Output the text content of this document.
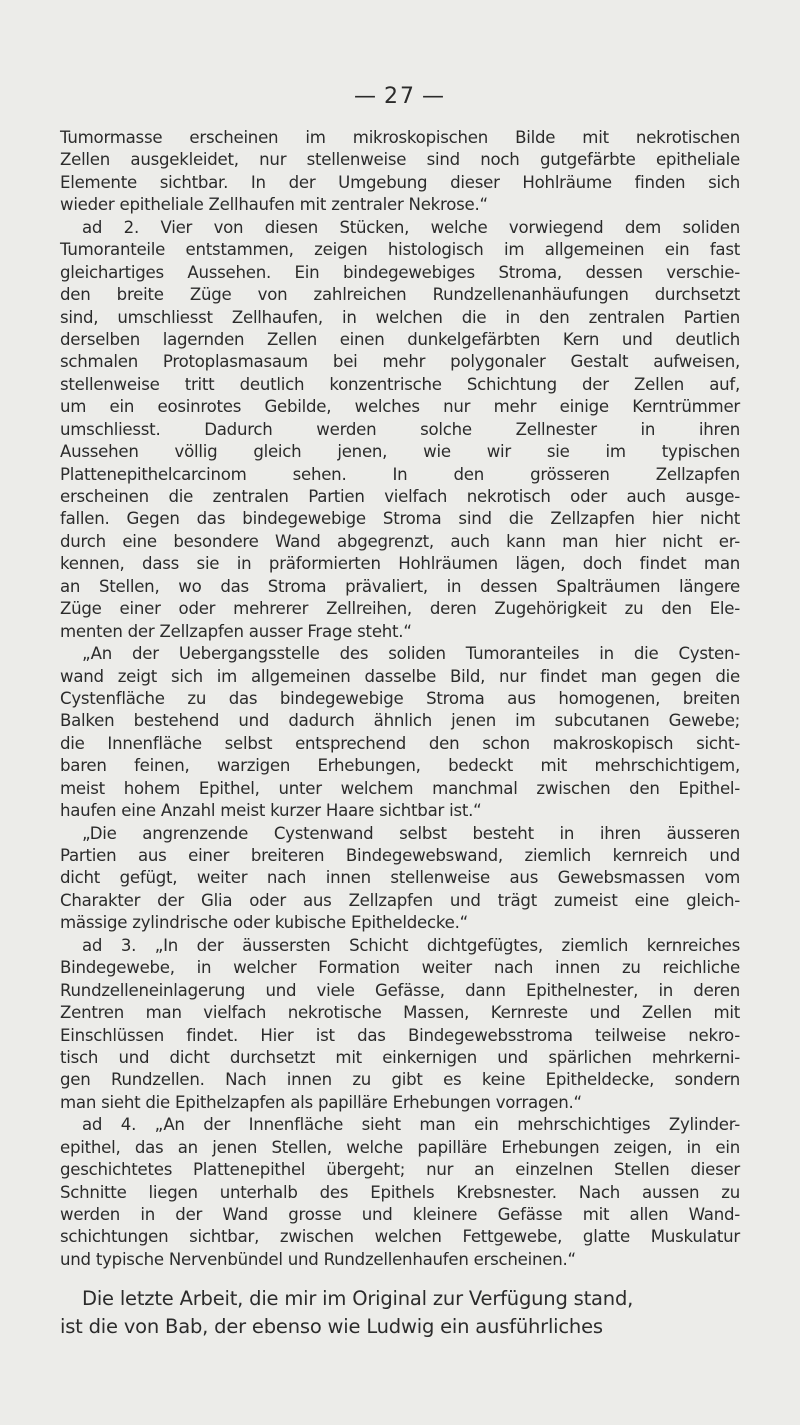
— 27 —
Tumormasse erscheinen im mikroskopischen Bilde mit nekrotischen
Zellen ausgekleidet, nur stellenweise sind noch gutgefärbte epitheliale
Elemente sichtbar. In der Umgebung dieser Hohlräume finden sich
wieder epitheliale Zellhaufen mit zentraler Nekrose.“
ad 2. Vier von diesen Stücken, welche vorwiegend dem soliden
Tumoranteile entstammen, zeigen histologisch im allgemeinen ein fast
gleichartiges Aussehen. Ein bindegewebiges Stroma, dessen verschie-
den breite Züge von zahlreichen Rundzellenanhäufungen durchsetzt
sind, umschliesst Zellhaufen, in welchen die in den zentralen Partien
derselben lagernden Zellen einen dunkelgefärbten Kern und deutlich
schmalen Protoplasmasaum bei mehr polygonaler Gestalt aufweisen,
stellenweise tritt deutlich konzentrische Schichtung der Zellen auf,
um ein eosinrotes Gebilde, welches nur mehr einige Kerntrümmer
umschliesst. Dadurch werden solche Zellnester in ihren
Aussehen völlig gleich jenen, wie wir sie im typischen
Plattenepithelcarcinom sehen. In den grösseren Zellzapfen
erscheinen die zentralen Partien vielfach nekrotisch oder auch ausge-
fallen. Gegen das bindegewebige Stroma sind die Zellzapfen hier nicht
durch eine besondere Wand abgegrenzt, auch kann man hier nicht er-
kennen, dass sie in präformierten Hohlräumen lägen, doch findet man
an Stellen, wo das Stroma prävaliert, in dessen Spalträumen längere
Züge einer oder mehrerer Zellreihen, deren Zugehörigkeit zu den Ele-
menten der Zellzapfen ausser Frage steht.“
„An der Uebergangsstelle des soliden Tumoranteiles in die Cysten-
wand zeigt sich im allgemeinen dasselbe Bild, nur findet man gegen die
Cystenfläche zu das bindegewebige Stroma aus homogenen, breiten
Balken bestehend und dadurch ähnlich jenen im subcutanen Gewebe;
die Innenfläche selbst entsprechend den schon makroskopisch sicht-
baren feinen, warzigen Erhebungen, bedeckt mit mehrschichtigem,
meist hohem Epithel, unter welchem manchmal zwischen den Epithel-
haufen eine Anzahl meist kurzer Haare sichtbar ist.“
„Die angrenzende Cystenwand selbst besteht in ihren äusseren
Partien aus einer breiteren Bindegewebswand, ziemlich kernreich und
dicht gefügt, weiter nach innen stellenweise aus Gewebsmassen vom
Charakter der Glia oder aus Zellzapfen und trägt zumeist eine gleich-
mässige zylindrische oder kubische Epitheldecke.“
ad 3. „In der äussersten Schicht dichtgefügtes, ziemlich kernreiches
Bindegewebe, in welcher Formation weiter nach innen zu reichliche
Rundzelleneinlagerung und viele Gefässe, dann Epithelnester, in deren
Zentren man vielfach nekrotische Massen, Kernreste und Zellen mit
Einschlüssen findet. Hier ist das Bindegewebsstroma teilweise nekro-
tisch und dicht durchsetzt mit einkernigen und spärlichen mehrkerni-
gen Rundzellen. Nach innen zu gibt es keine Epitheldecke, sondern
man sieht die Epithelzapfen als papilläre Erhebungen vorragen.“
ad 4. „An der Innenfläche sieht man ein mehrschichtiges Zylinder-
epithel, das an jenen Stellen, welche papilläre Erhebungen zeigen, in ein
geschichtetes Plattenepithel übergeht; nur an einzelnen Stellen dieser
Schnitte liegen unterhalb des Epithels Krebsnester. Nach aussen zu
werden in der Wand grosse und kleinere Gefässe mit allen Wand-
schichtungen sichtbar, zwischen welchen Fettgewebe, glatte Muskulatur
und typische Nervenbündel und Rundzellenhaufen erscheinen.“
Die letzte Arbeit, die mir im Original zur Verfügung stand,
ist die von Bab, der ebenso wie Ludwig ein ausführliches
